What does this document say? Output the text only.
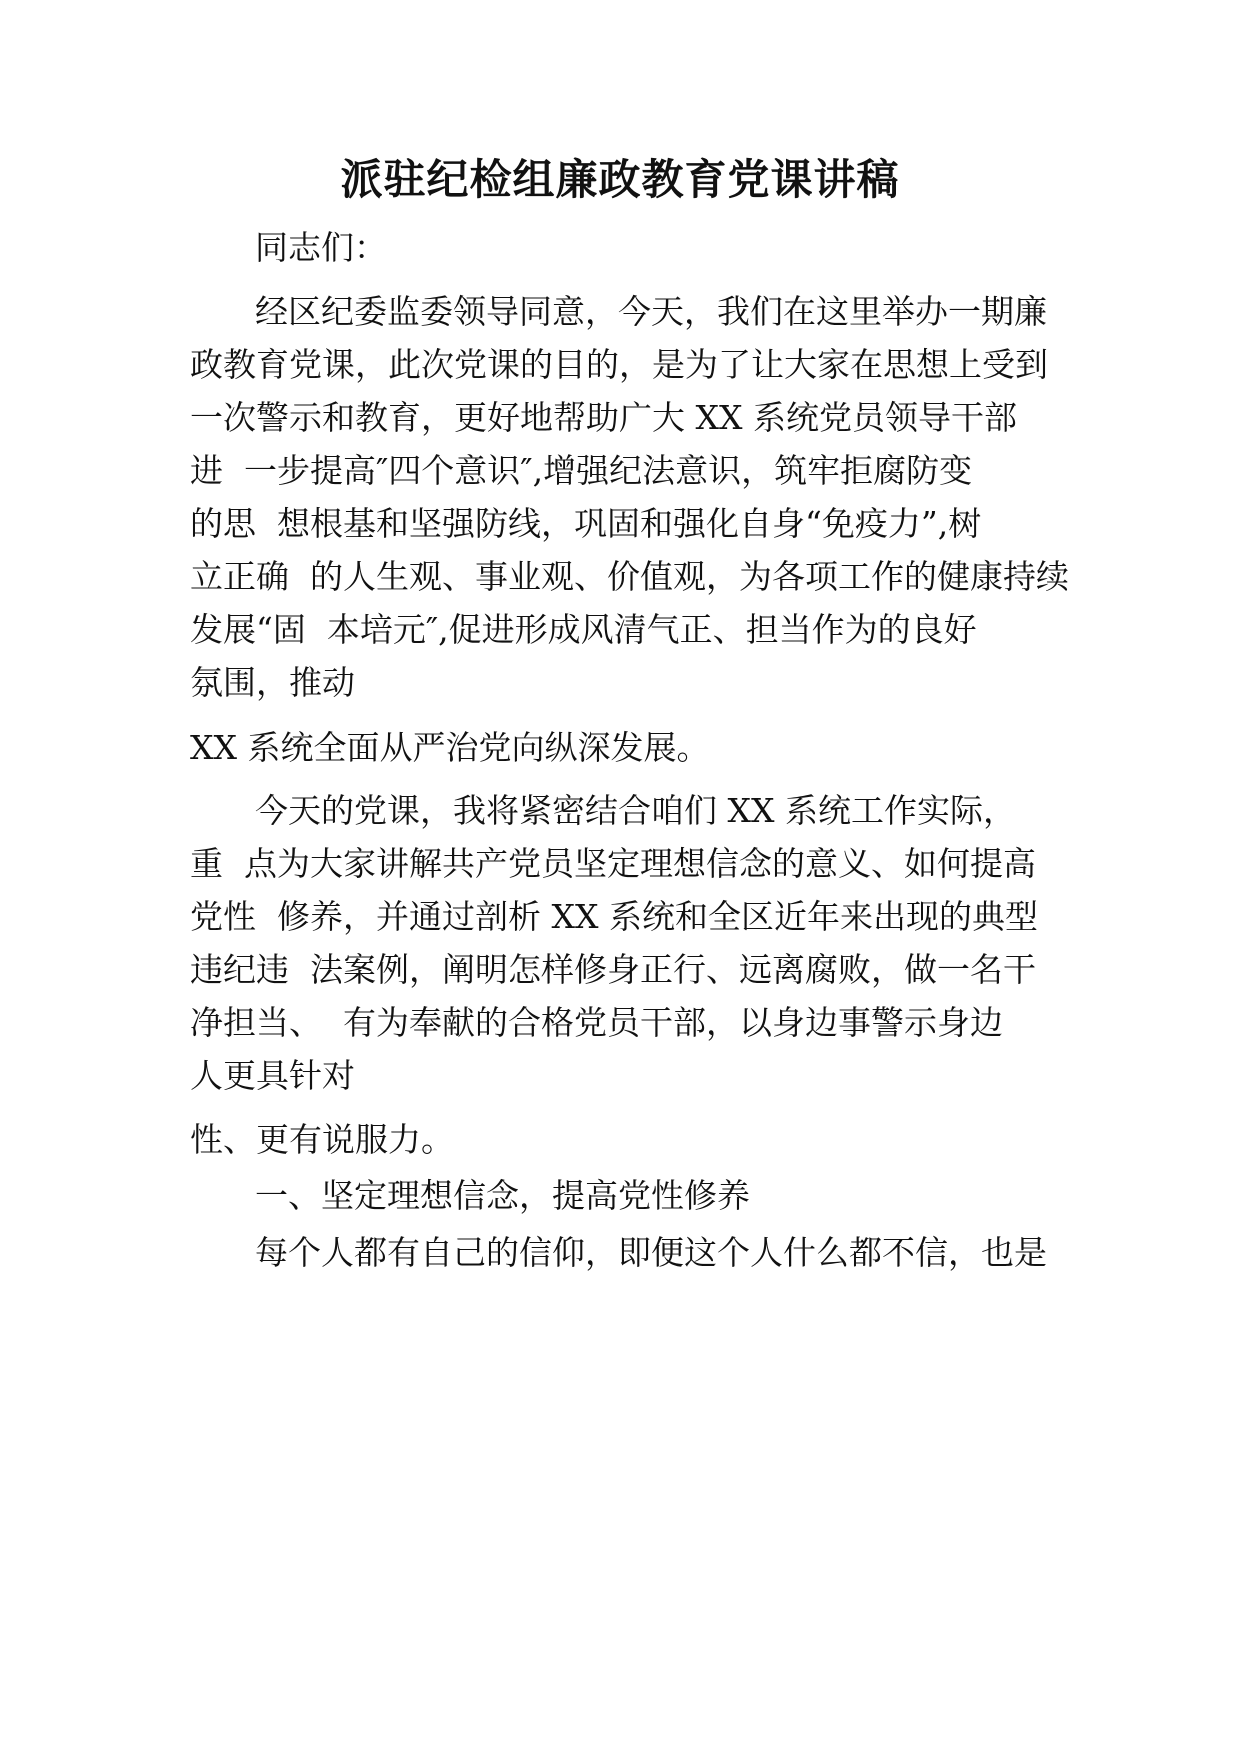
派驻纪检组廉政教育党课讲稿

同志们：

经区纪委监委领导同意，今天，我们在这里举办一期廉

政教育党课，此次党课的目的，是为了让大家在思想上受到

一次警示和教育，更好地帮助广大 XX 系统党员领导干部

进  一步提高″四个意识″,增强纪法意识，筑牢拒腐防变

的思  想根基和坚强防线，巩固和强化自身“免疫力”,树

立正确  的人生观、事业观、价值观，为各项工作的健康持续

发展“固  本培元″,促进形成风清气正、担当作为的良好

氛围，推动

XX 系统全面从严治党向纵深发展。

今天的党课，我将紧密结合咱们 XX 系统工作实际，

重  点为大家讲解共产党员坚定理想信念的意义、如何提高

党性  修养，并通过剖析 XX 系统和全区近年来出现的典型

违纪违  法案例，阐明怎样修身正行、远离腐败，做一名干

净担当、  有为奉献的合格党员干部，以身边事警示身边

人更具针对

性、更有说服力。

一、坚定理想信念，提高党性修养

每个人都有自己的信仰，即便这个人什么都不信，也是
